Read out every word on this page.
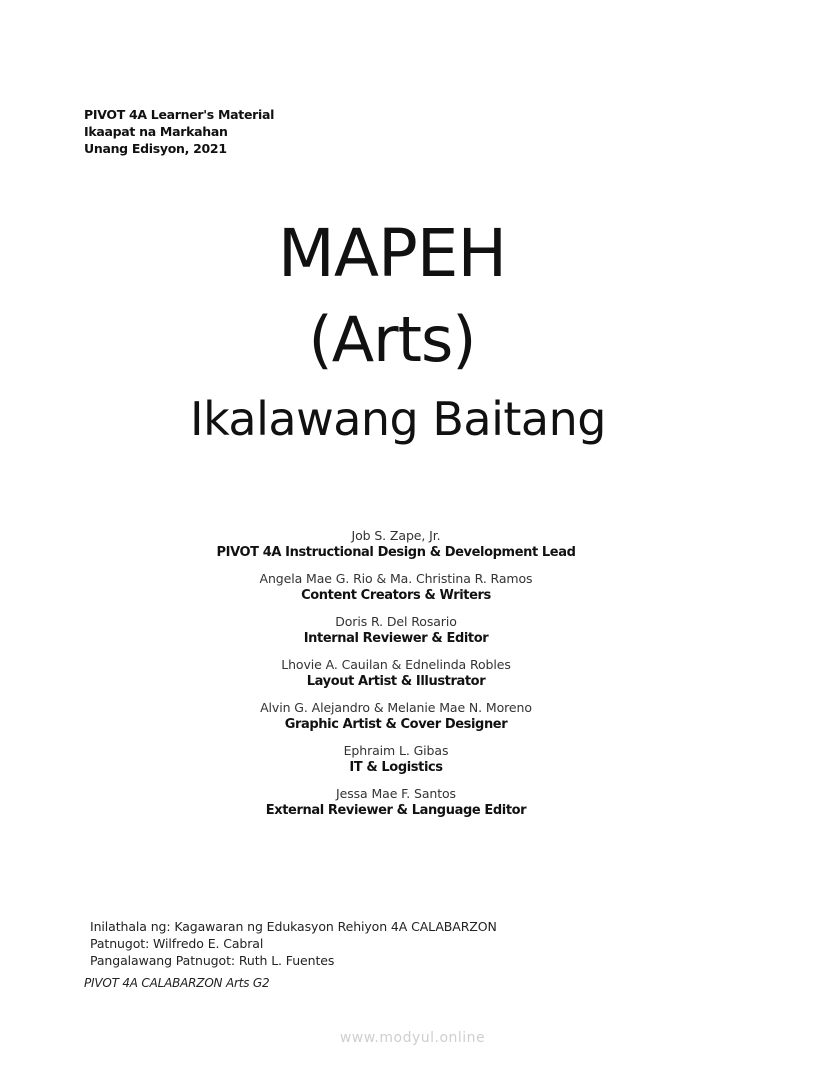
PIVOT 4A Learner's Material
Ikaapat na Markahan
Unang Edisyon, 2021
MAPEH
(Arts)
Ikalawang Baitang
Job S. Zape, Jr.
PIVOT 4A Instructional Design & Development Lead
Angela Mae G. Rio & Ma. Christina R. Ramos
Content Creators & Writers
Doris R. Del Rosario
Internal Reviewer & Editor
Lhovie A. Cauilan & Ednelinda Robles
Layout Artist & Illustrator
Alvin G. Alejandro & Melanie Mae N. Moreno
Graphic Artist & Cover Designer
Ephraim L. Gibas
IT & Logistics
Jessa Mae F. Santos
External Reviewer & Language Editor
Inilathala ng: Kagawaran ng Edukasyon Rehiyon 4A CALABARZON
Patnugot: Wilfredo E. Cabral
Pangalawang Patnugot: Ruth L. Fuentes
PIVOT 4A CALABARZON Arts G2
www.modyul.online
